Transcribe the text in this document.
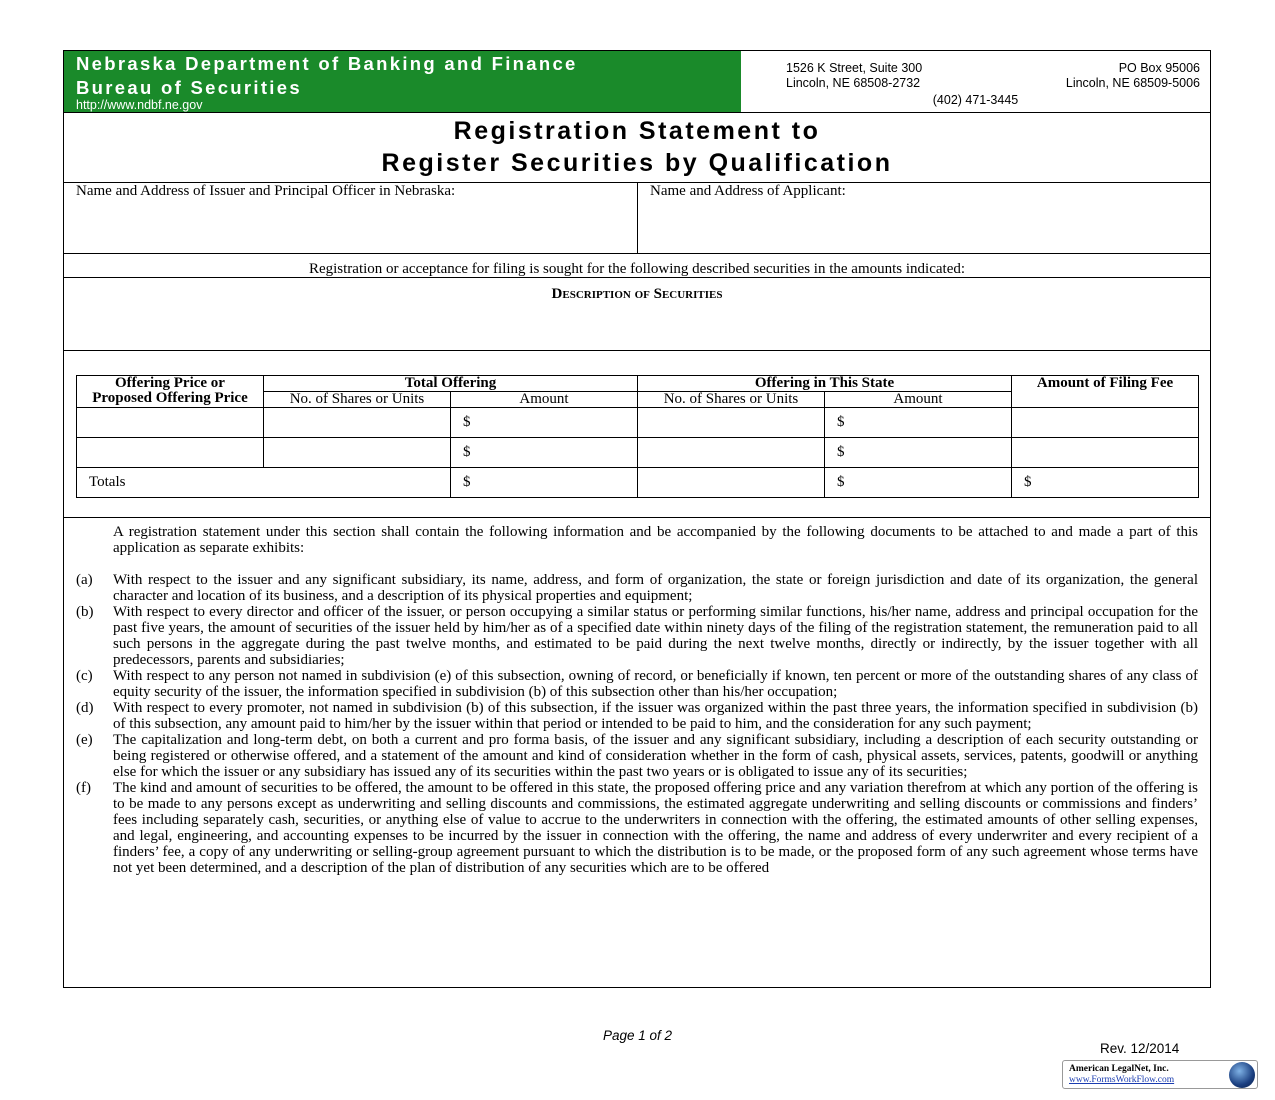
Nebraska Department of Banking and Finance
Bureau of Securities
http://www.ndbf.ne.gov
1526 K Street, Suite 300
Lincoln, NE 68508-2732
PO Box 95006
Lincoln, NE 68509-5006
(402) 471-3445
Registration Statement to
Register Securities by Qualification
Name and Address of Issuer and Principal Officer in Nebraska:	Name and Address of Applicant:
Registration or acceptance for filing is sought for the following described securities in the amounts indicated:
Description of Securities
Offering Price or Proposed Offering Price	Total Offering		Offering in This State		Amount of Filing Fee
	No. of Shares or Units	Amount	No. of Shares or Units	Amount	
		$		$	
		$		$	
Totals		$		$	$

A registration statement under this section shall contain the following information and be accompanied by the following documents to be attached to and made a part of this application as separate exhibits:

(a)	With respect to the issuer and any significant subsidiary, its name, address, and form of organization, the state or foreign jurisdiction and date of its organization, the general character and location of its business, and a description of its physical properties and equipment;
(b)	With respect to every director and officer of the issuer, or person occupying a similar status or performing similar functions, his/her name, address and principal occupation for the past five years, the amount of securities of the issuer held by him/her as of a specified date within ninety days of the filing of the registration statement, the remuneration paid to all such persons in the aggregate during the past twelve months, and estimated to be paid during the next twelve months, directly or indirectly, by the issuer together with all predecessors, parents and subsidiaries;
(c)	With respect to any person not named in subdivision (e) of this subsection, owning of record, or beneficially if known, ten percent or more of the outstanding shares of any class of equity security of the issuer, the information specified in subdivision (b) of this subsection other than his/her occupation;
(d)	With respect to every promoter, not named in subdivision (b) of this subsection, if the issuer was organized within the past three years, the information specified in subdivision (b) of this subsection, any amount paid to him/her by the issuer within that period or intended to be paid to him, and the consideration for any such payment;
(e)	The capitalization and long-term debt, on both a current and pro forma basis, of the issuer and any significant subsidiary, including a description of each security outstanding or being registered or otherwise offered, and a statement of the amount and kind of consideration whether in the form of cash, physical assets, services, patents, goodwill or anything else for which the issuer or any subsidiary has issued any of its securities within the past two years or is obligated to issue any of its securities;
(f)	The kind and amount of securities to be offered, the amount to be offered in this state, the proposed offering price and any variation therefrom at which any portion of the offering is to be made to any persons except as underwriting and selling discounts and commissions, the estimated aggregate underwriting and selling discounts or commissions and finders’ fees including separately cash, securities, or anything else of value to accrue to the underwriters in connection with the offering, the estimated amounts of other selling expenses, and legal, engineering, and accounting expenses to be incurred by the issuer in connection with the offering, the name and address of every underwriter and every recipient of a finders’ fee, a copy of any underwriting or selling-group agreement pursuant to which the distribution is to be made, or the proposed form of any such agreement whose terms have not yet been determined, and a description of the plan of distribution of any securities which are to be offered
Page 1 of 2
Rev. 12/2014
American LegalNet, Inc.
www.FormsWorkFlow.com
